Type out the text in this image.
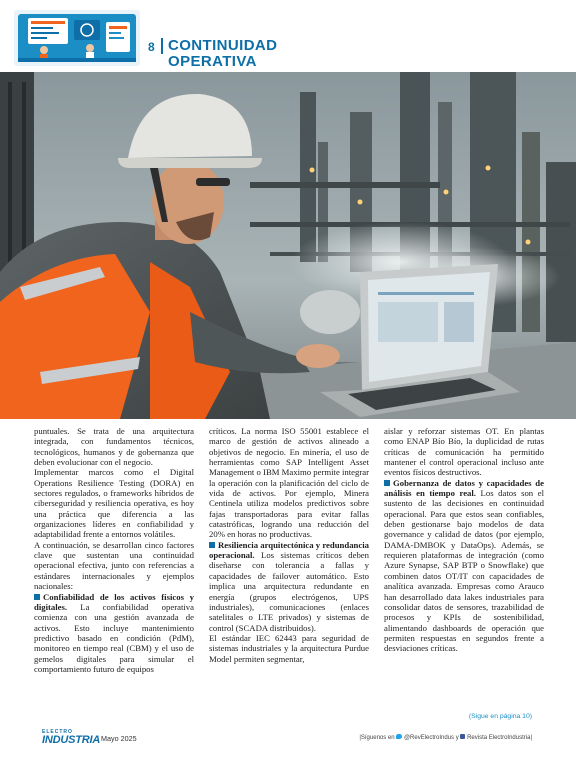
8 CONTINUIDAD
OPERATIVA

puntuales. Se trata de una arquitectura integrada, con fundamentos técnicos, tecnológicos, humanos y de gobernanza que deben evolucionar con el negocio.

Implementar marcos como el Digital Operations Resilience Testing (DORA) en sectores regulados, o frameworks híbridos de ciberseguridad y resiliencia operativa, es hoy una práctica que diferencia a las organizaciones líderes en confiabilidad y adaptabilidad frente a entornos volátiles.

A continuación, se desarrollan cinco factores clave que sustentan una continuidad operacional efectiva, junto con referencias a estándares internacionales y ejemplos nacionales:

Confiabilidad de los activos físicos y digitales. La confiabilidad operativa comienza con una gestión avanzada de activos. Esto incluye mantenimiento predictivo basado en condición (PdM), monitoreo en tiempo real (CBM) y el uso de gemelos digitales para simular el comportamiento futuro de equipos

críticos. La norma ISO 55001 establece el marco de gestión de activos alineado a objetivos de negocio. En minería, el uso de herramientas como SAP Intelligent Asset Management o IBM Maximo permite integrar la operación con la planificación del ciclo de vida de activos. Por ejemplo, Minera Centinela utiliza modelos predictivos sobre fajas transportadoras para evitar fallas catastróficas, logrando una reducción del 20% en horas no productivas.

Resiliencia arquitectónica y redundancia operacional. Los sistemas críticos deben diseñarse con tolerancia a fallas y capacidades de failover automático. Esto implica una arquitectura redundante en energía (grupos electrógenos, UPS industriales), comunicaciones (enlaces satelitales o LTE privados) y sistemas de control (SCADA distribuidos).

El estándar IEC 62443 para seguridad de sistemas industriales y la arquitectura Purdue Model permiten segmentar,

aislar y reforzar sistemas OT. En plantas como ENAP Bío Bío, la duplicidad de rutas críticas de comunicación ha permitido mantener el control operacional incluso ante eventos físicos destructivos.

Gobernanza de datos y capacidades de análisis en tiempo real. Los datos son el sustento de las decisiones en continuidad operacional. Para que estos sean confiables, deben gestionarse bajo modelos de data governance y calidad de datos (por ejemplo, DAMA-DMBOK y DataOps). Además, se requieren plataformas de integración (como Azure Synapse, SAP BTP o Snowflake) que combinen datos OT/IT con capacidades de analítica avanzada. Empresas como Arauco han desarrollado data lakes industriales para consolidar datos de sensores, trazabilidad de procesos y KPIs de sostenibilidad, alimentando dashboards de operación que permiten respuestas en segundos frente a desviaciones críticas.

(Sigue en página 10)
ELECTRO
INDUSTRIA Mayo 2025	|Síguenos en @RevElectroIndus y Revista ElectroIndustria|
